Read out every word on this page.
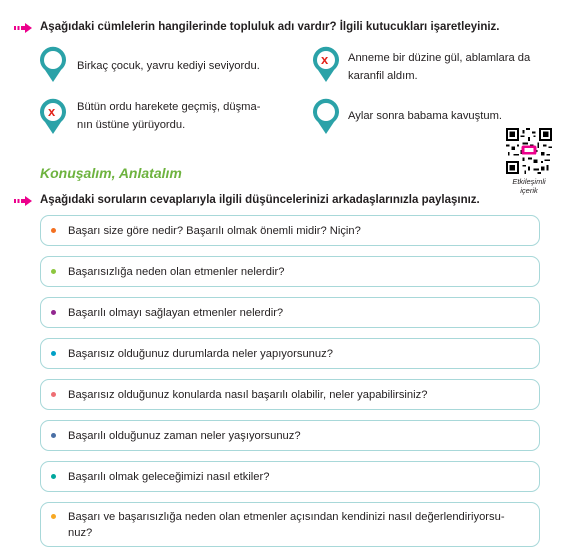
Aşağıdaki cümlelerin hangilerinde topluluk adı vardır? İlgili kutucukları işaretleyiniz.
Birkaç çocuk, yavru kediyi seviyordu.	x Anneme bir düzine gül, ablamlara da
karanfil aldım.
x Bütün ordu harekete geçmiş, düşma-
nın üstüne yürüyordu.
Aylar sonra babama kavuştum.
Etkileşimli
içerik
Konuşalım, Anlatalım
Aşağıdaki soruların cevaplarıyla ilgili düşüncelerinizi arkadaşlarınızla paylaşınız.
Başarı size göre nedir? Başarılı olmak önemli midir? Niçin?
Başarısızlığa neden olan etmenler nelerdir?
Başarılı olmayı sağlayan etmenler nelerdir?
Başarısız olduğunuz durumlarda neler yapıyorsunuz?
Başarısız olduğunuz konularda nasıl başarılı olabilir, neler yapabilirsiniz?
Başarılı olduğunuz zaman neler yaşıyorsunuz?
Başarılı olmak geleceğimizi nasıl etkiler?
Başarı ve başarısızlığa neden olan etmenler açısından kendinizi nasıl değerlendiriyorsu-
nuz?
